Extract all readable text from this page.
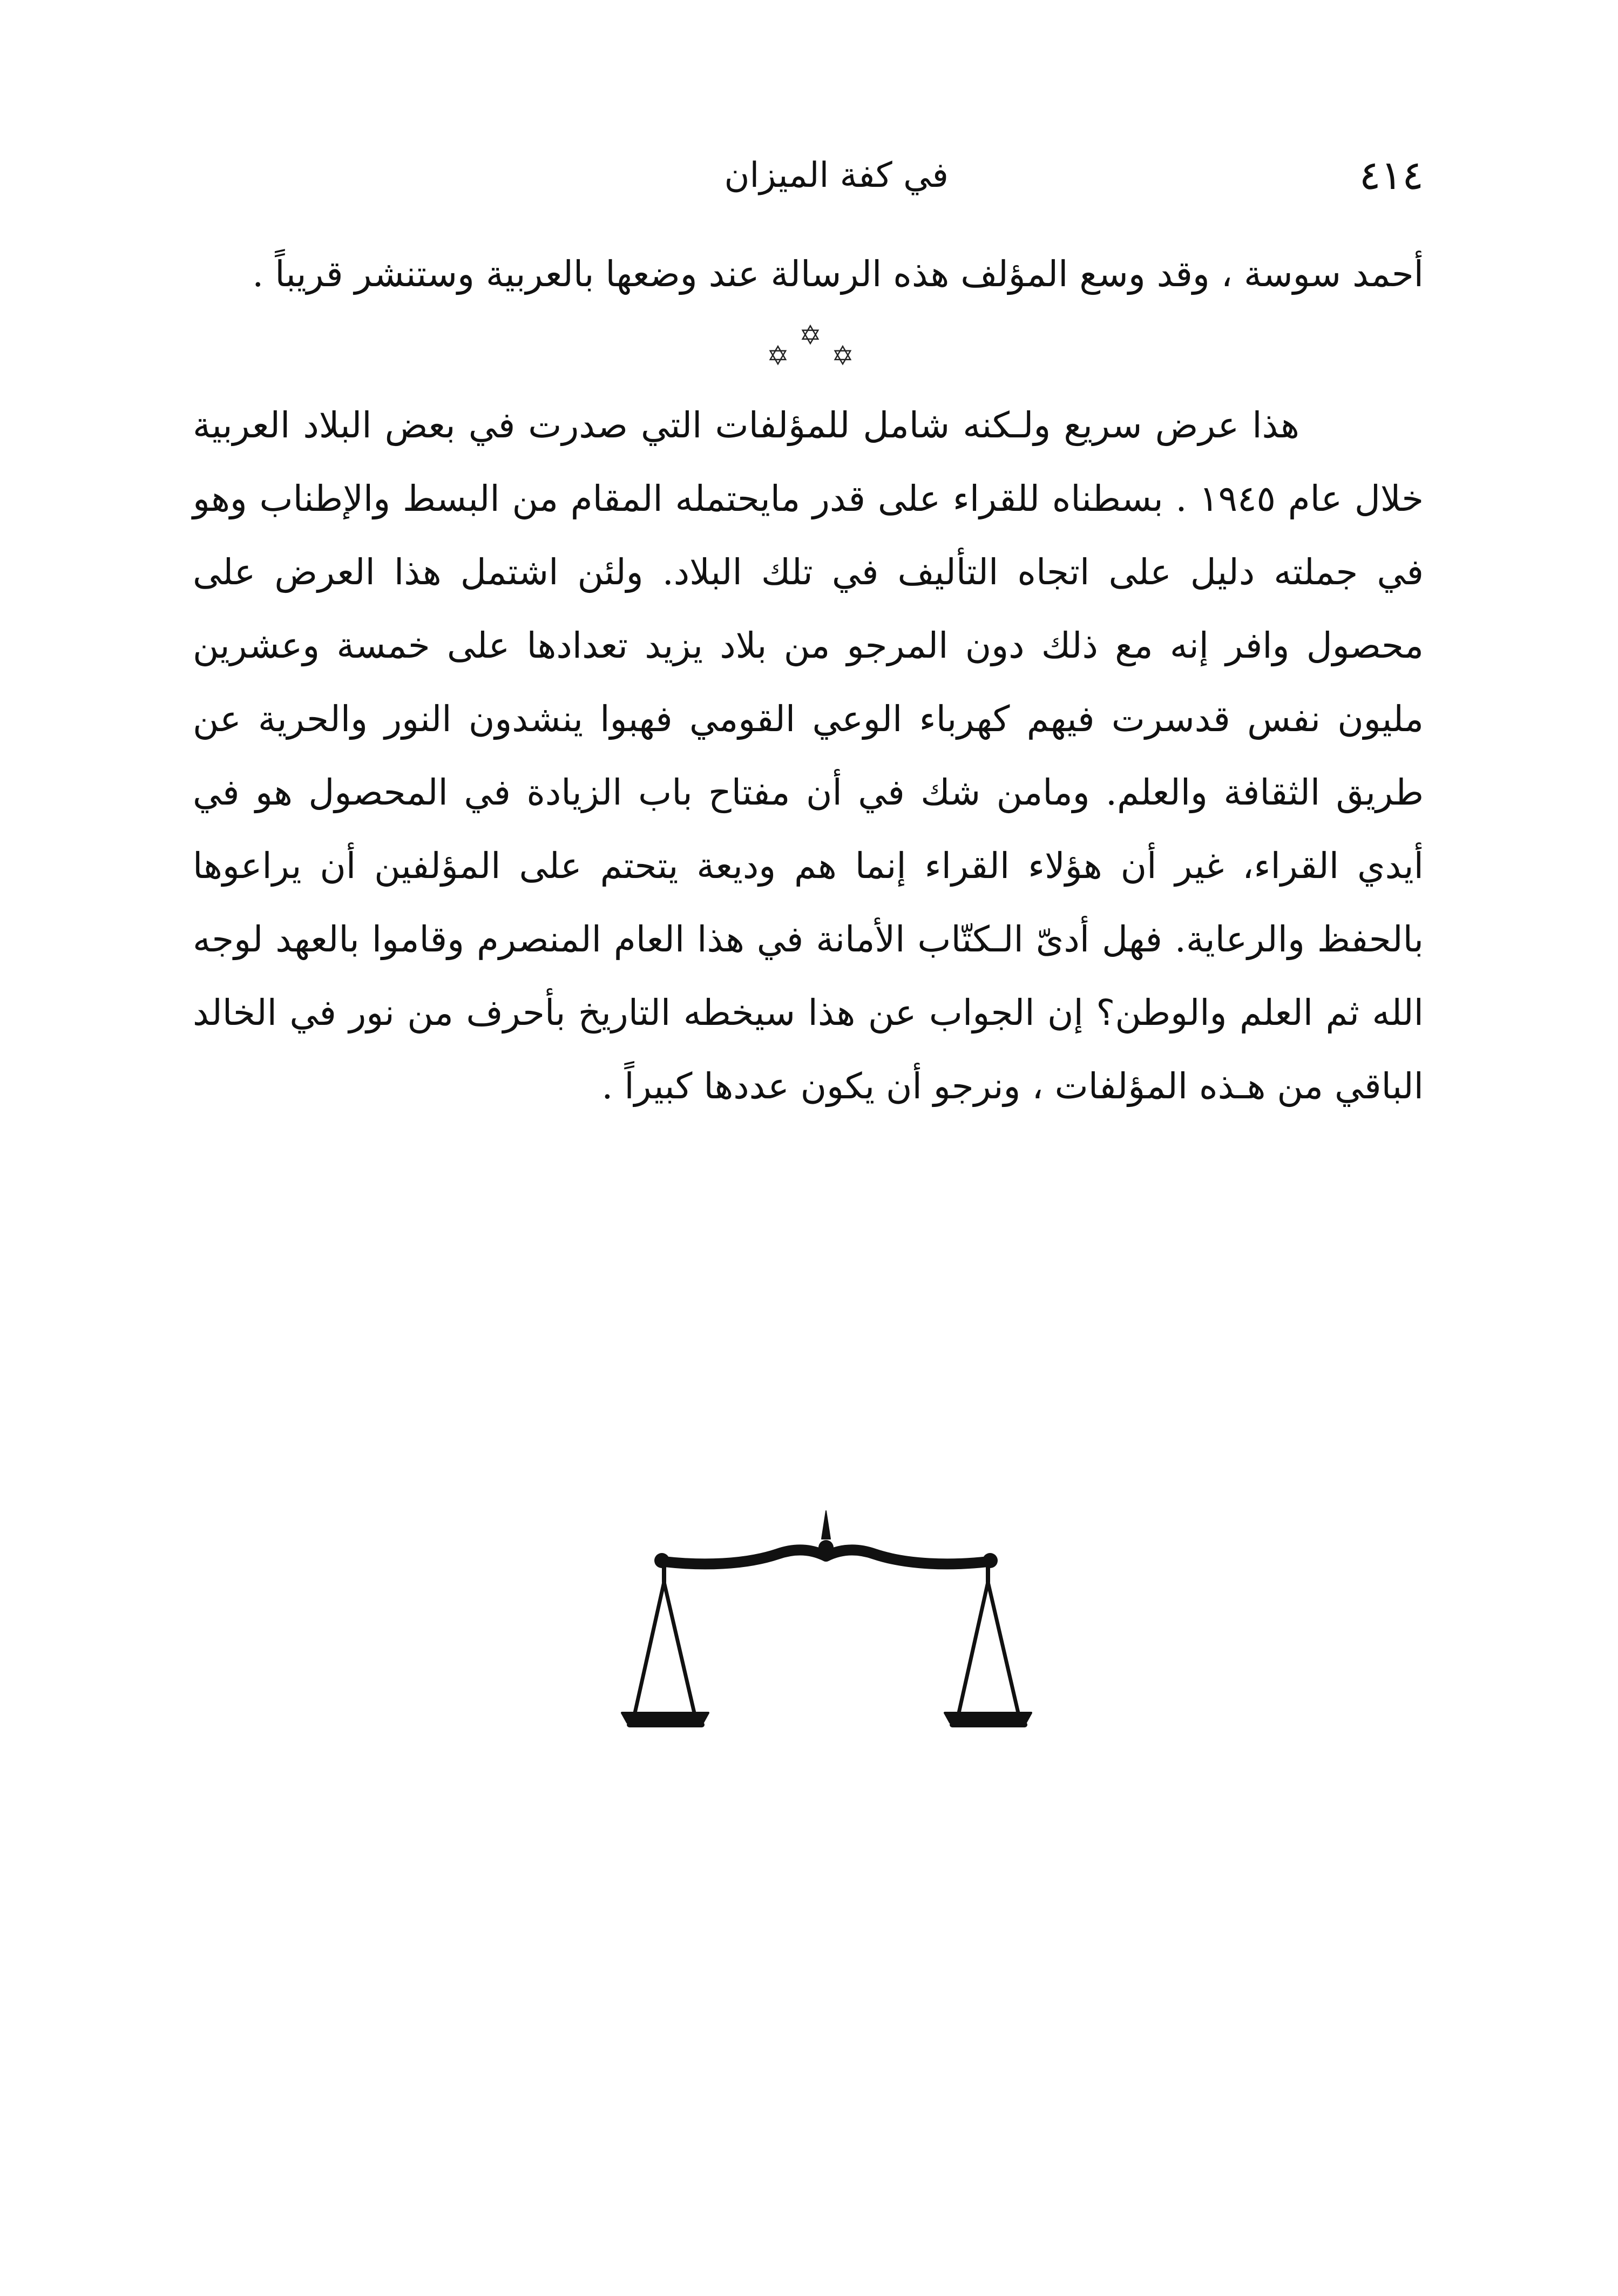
٤١٤
في كفة الميزان

أحمد سوسة ، وقد وسع المؤلف هذه الرسالة عند وضعها بالعربية وستنشر قريباً .

✡
✡
✡

هذا عرض سريع ولـكنه شامل للمؤلفات التي صدرت في بعض البلاد العربية خلال عام ١٩٤٥ . بسطناه للقراء على قدر مايحتمله المقام من البسط والإطناب وهو في جملته دليل على اتجاه التأليف في تلك البلاد. ولئن اشتمل هذا العرض على محصول وافر إنه مع ذلك دون المرجو من بلاد يزيد تعدادها على خمسة وعشرين مليون نفس قدسرت فيهم كهرباء الوعي القومي فهبوا ينشدون النور والحرية عن طريق الثقافة والعلم. ومامن شك في أن مفتاح باب الزيادة في المحصول هو في أيدي القراء، غير أن هؤلاء القراء إنما هم وديعة يتحتم على المؤلفين أن يراعوها بالحفظ والرعاية. فهل أدىّ الـكتّاب الأمانة في هذا العام المنصرم وقاموا بالعهد لوجه الله ثم العلم والوطن؟ إن الجواب عن هذا سيخطه التاريخ بأحرف من نور في الخالد الباقي من هـذه المؤلفات ، ونرجو أن يكون عددها كبيراً .
